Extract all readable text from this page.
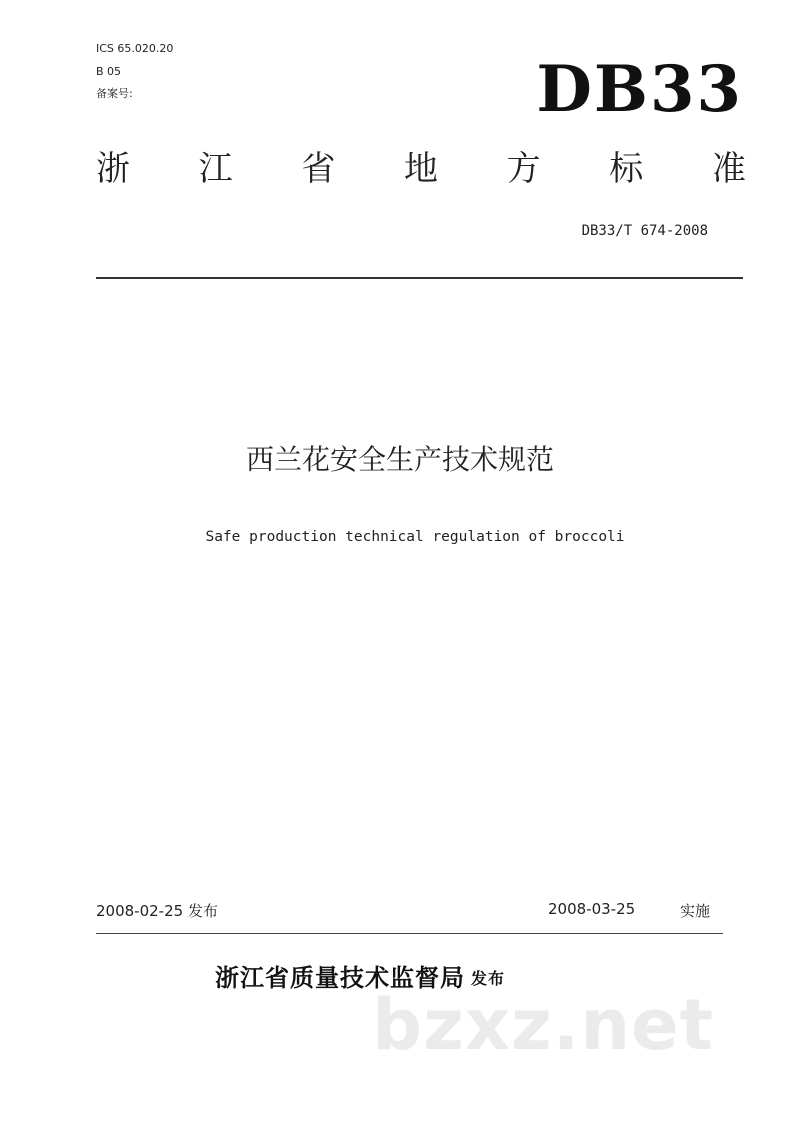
ICS 65.020.20
B 05
备案号:	DB33
浙 江 省 地 方 标 准
DB33/T 674-2008
西兰花安全生产技术规范
Safe production technical regulation of broccoli
2008-02-25 发布	2008-03-25	实施
浙江省质量技术监督局 发布
bzxz.net
